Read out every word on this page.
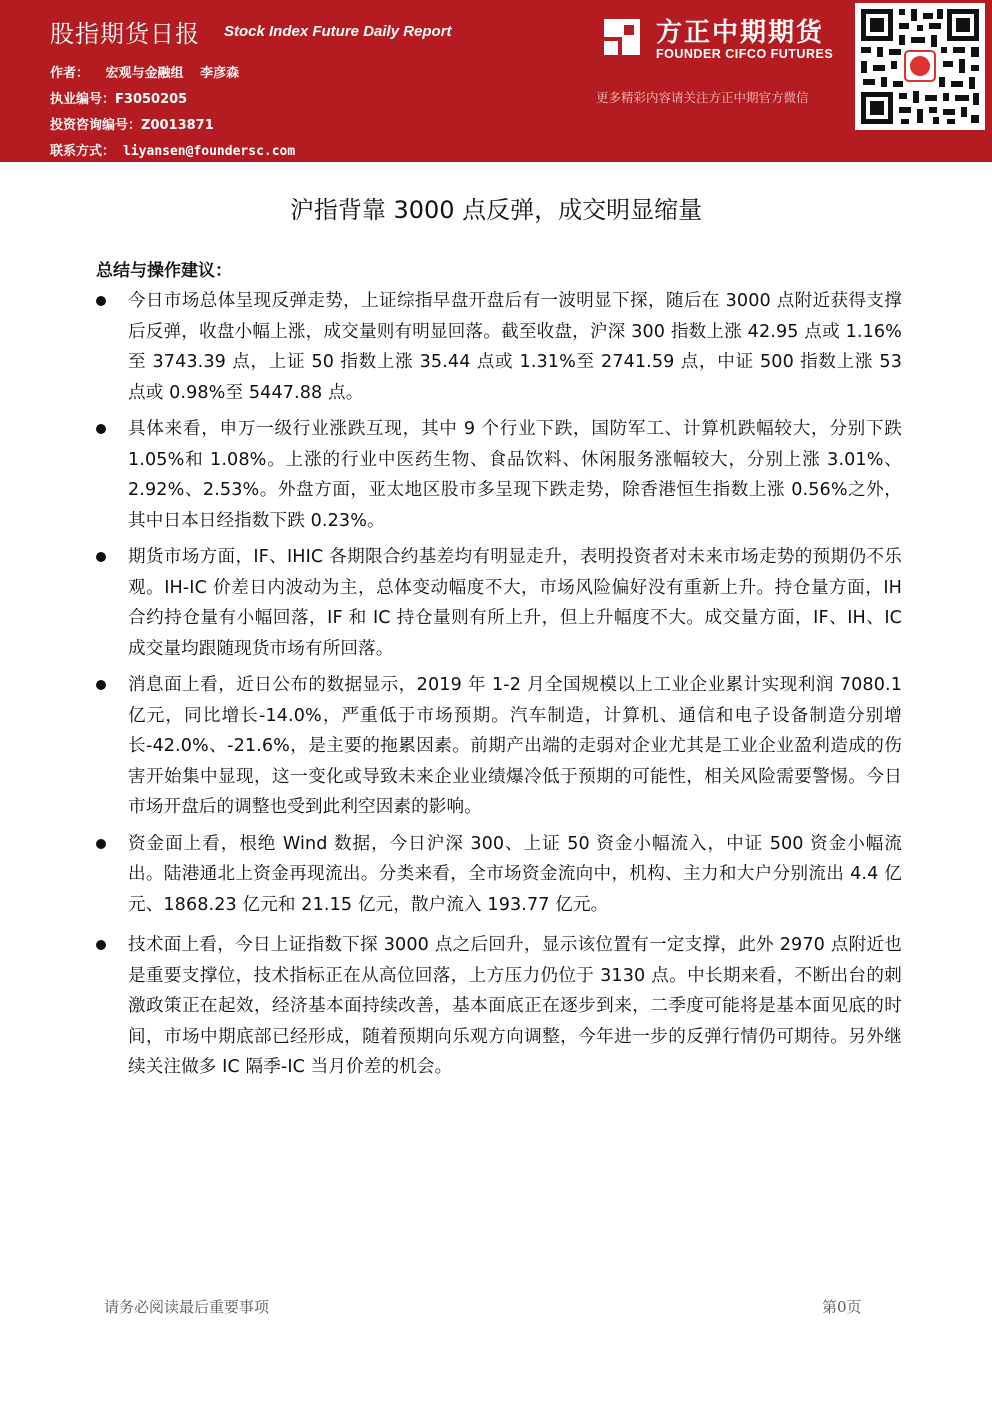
股指期货日报 Stock Index Future Daily Report
作者： 宏观与金融组 李彦森
执业编号：F3050205
投资咨询编号：Z0013871
联系方式： liyansen@foundersc.com
方正中期期货
FOUNDER CIFCO FUTURES
更多精彩内容请关注方正中期官方微信
沪指背靠 3000 点反弹，成交明显缩量
总结与操作建议：
今日市场总体呈现反弹走势，上证综指早盘开盘后有一波明显下探，随后在 3000 点附近获得支撑后反弹，收盘小幅上涨，成交量则有明显回落。截至收盘，沪深 300 指数上涨 42.95 点或 1.16%至 3743.39 点，上证 50 指数上涨 35.44 点或 1.31%至 2741.59 点，中证 500 指数上涨 53 点或 0.98%至 5447.88 点。
具体来看，申万一级行业涨跌互现，其中 9 个行业下跌，国防军工、计算机跌幅较大，分别下跌 1.05%和 1.08%。上涨的行业中医药生物、食品饮料、休闲服务涨幅较大，分别上涨 3.01%、2.92%、2.53%。外盘方面，亚太地区股市多呈现下跌走势，除香港恒生指数上涨 0.56%之外，其中日本日经指数下跌 0.23%。
期货市场方面，IF、IHIC 各期限合约基差均有明显走升，表明投资者对未来市场走势的预期仍不乐观。IH-IC 价差日内波动为主，总体变动幅度不大，市场风险偏好没有重新上升。持仓量方面，IH 合约持仓量有小幅回落，IF 和 IC 持仓量则有所上升，但上升幅度不大。成交量方面，IF、IH、IC 成交量均跟随现货市场有所回落。
消息面上看，近日公布的数据显示，2019 年 1-2 月全国规模以上工业企业累计实现利润 7080.1 亿元，同比增长-14.0%，严重低于市场预期。汽车制造，计算机、通信和电子设备制造分别增长-42.0%、-21.6%，是主要的拖累因素。前期产出端的走弱对企业尤其是工业企业盈利造成的伤害开始集中显现，这一变化或导致未来企业业绩爆冷低于预期的可能性，相关风险需要警惕。今日市场开盘后的调整也受到此利空因素的影响。
资金面上看，根绝 Wind 数据，今日沪深 300、上证 50 资金小幅流入，中证 500 资金小幅流出。陆港通北上资金再现流出。分类来看，全市场资金流向中，机构、主力和大户分别流出 4.4 亿元、1868.23 亿元和 21.15 亿元，散户流入 193.77 亿元。
技术面上看，今日上证指数下探 3000 点之后回升，显示该位置有一定支撑，此外 2970 点附近也是重要支撑位，技术指标正在从高位回落，上方压力仍位于 3130 点。中长期来看，不断出台的刺激政策正在起效，经济基本面持续改善，基本面底正在逐步到来，二季度可能将是基本面见底的时间，市场中期底部已经形成，随着预期向乐观方向调整，今年进一步的反弹行情仍可期待。另外继续关注做多 IC 隔季-IC 当月价差的机会。
请务必阅读最后重要事项	第0页
